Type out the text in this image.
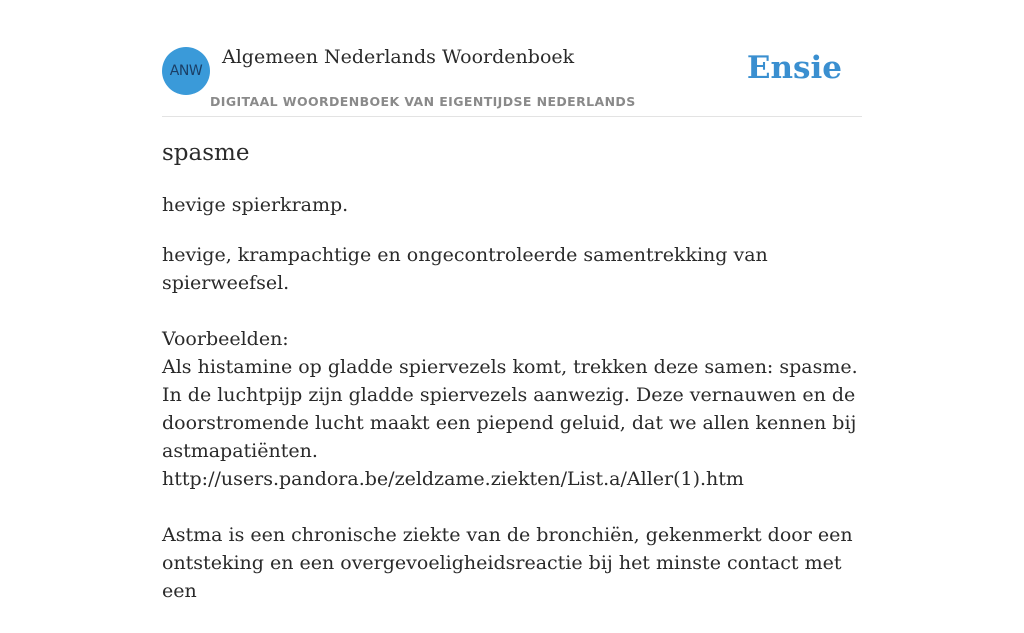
ANW
Algemeen Nederlands Woordenboek
DIGITAAL WOORDENBOEK VAN EIGENTIJDSE NEDERLANDS
Ensie
spasme
hevige spierkramp.

hevige, krampachtige en ongecontroleerde samentrekking van spierweefsel.

Voorbeelden:
Als histamine op gladde spiervezels komt, trekken deze samen: spasme. In de luchtpijp zijn gladde spiervezels aanwezig. Deze vernauwen en de doorstromende lucht maakt een piepend geluid, dat we allen kennen bij astmapatiënten.
http://users.pandora.be/zeldzame.ziekten/List.a/Aller(1).htm

Astma is een chronische ziekte van de bronchiën, gekenmerkt door een ontsteking en een overgevoeligheidsreactie bij het minste contact met een
